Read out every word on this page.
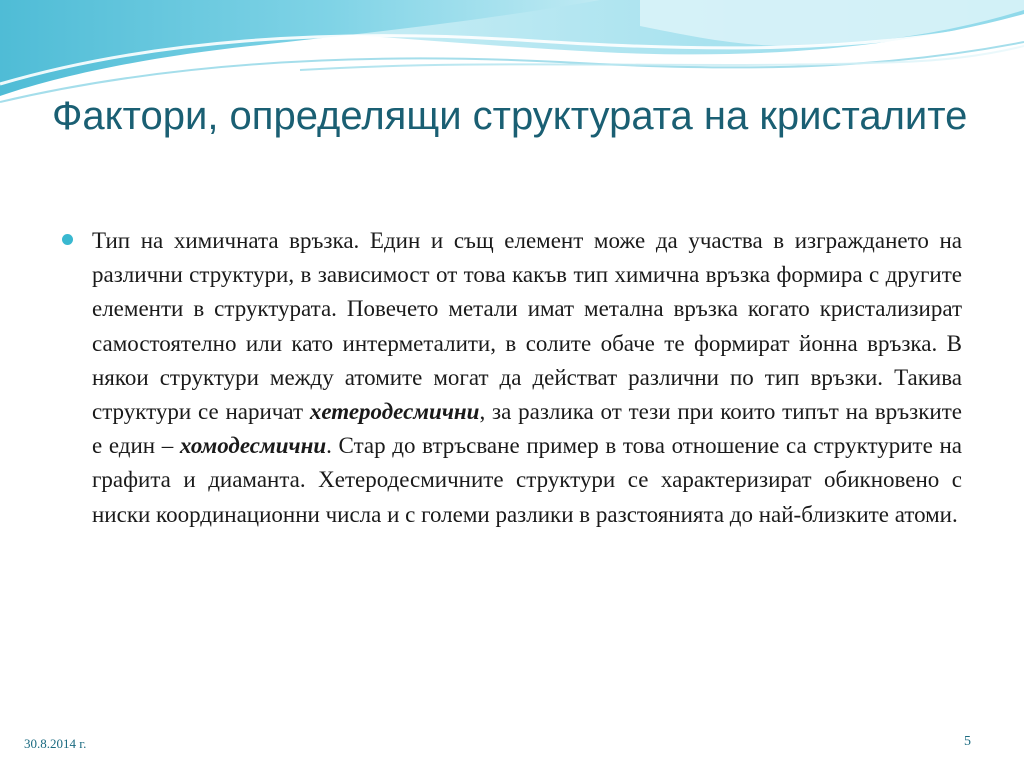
Фактори, определящи структурата на кристалите

Тип на химичната връзка. Един и същ елемент може да участва в изграждането на различни структури, в зависимост от това какъв тип химична връзка формира с другите елементи в структурата. Повечето метали имат метална връзка когато кристализират самостоятелно или като интерметалити, в солите обаче те формират йонна връзка. В някои структури между атомите могат да действат различни по тип връзки. Такива структури се наричат хетеродесмични, за разлика от тези при които типът на връзките е един – хомодесмични. Стар до втръсване пример в това отношение са структурите на графита и диаманта. Хетеродесмичните структури се характеризират обикновено с ниски координационни числа и с големи разлики в разстоянията до най-близките атоми.

30.8.2014 г.	5
